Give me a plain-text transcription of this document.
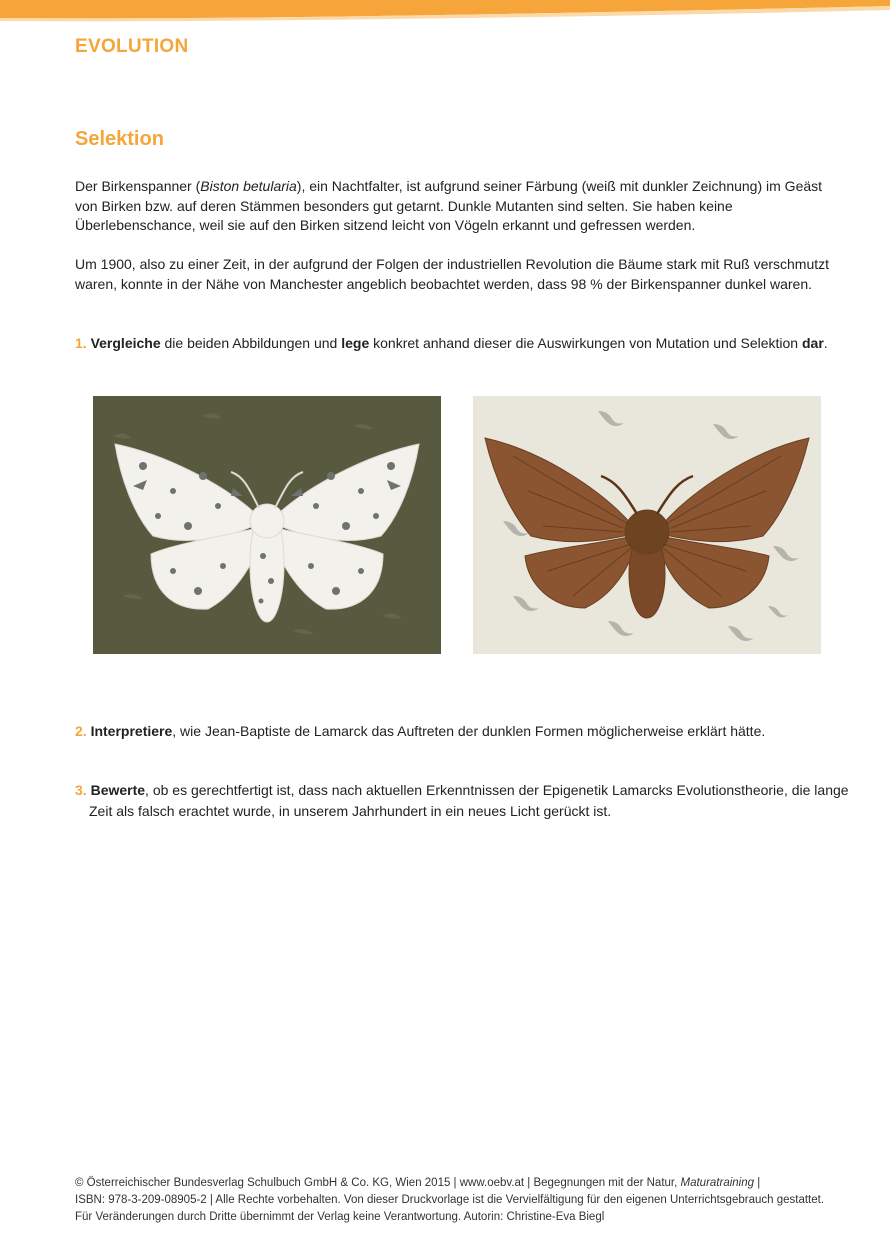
EVOLUTION
Selektion

Der Birkenspanner (Biston betularia), ein Nachtfalter, ist aufgrund seiner Färbung (weiß mit dunkler Zeichnung) im Geäst von Birken bzw. auf deren Stämmen besonders gut getarnt. Dunkle Mutanten sind selten. Sie haben keine Überlebenschance, weil sie auf den Birken sitzend leicht von Vögeln erkannt und gefressen werden.

Um 1900, also zu einer Zeit, in der aufgrund der Folgen der industriellen Revolution die Bäume stark mit Ruß verschmutzt waren, konnte in der Nähe von Manchester angeblich beobachtet werden, dass 98 % der Birkenspanner dunkel waren.

1. Vergleiche die beiden Abbildungen und lege konkret anhand dieser die Auswirkungen von Mutation und Selektion dar.

2. Interpretiere, wie Jean-Baptiste de Lamarck das Auftreten der dunklen Formen möglicherweise erklärt hätte.

3. Bewerte, ob es gerechtfertigt ist, dass nach aktuellen Erkenntnissen der Epigenetik Lamarcks Evolutionstheorie, die lange Zeit als falsch erachtet wurde, in unserem Jahrhundert in ein neues Licht gerückt ist.

© Österreichischer Bundesverlag Schulbuch GmbH & Co. KG, Wien 2015 | www.oebv.at | Begegnungen mit der Natur, Maturatraining |
ISBN: 978-3-209-08905-2 | Alle Rechte vorbehalten. Von dieser Druckvorlage ist die Vervielfältigung für den eigenen Unterrichtsgebrauch gestattet.
Für Veränderungen durch Dritte übernimmt der Verlag keine Verantwortung. Autorin: Christine-Eva Biegl
